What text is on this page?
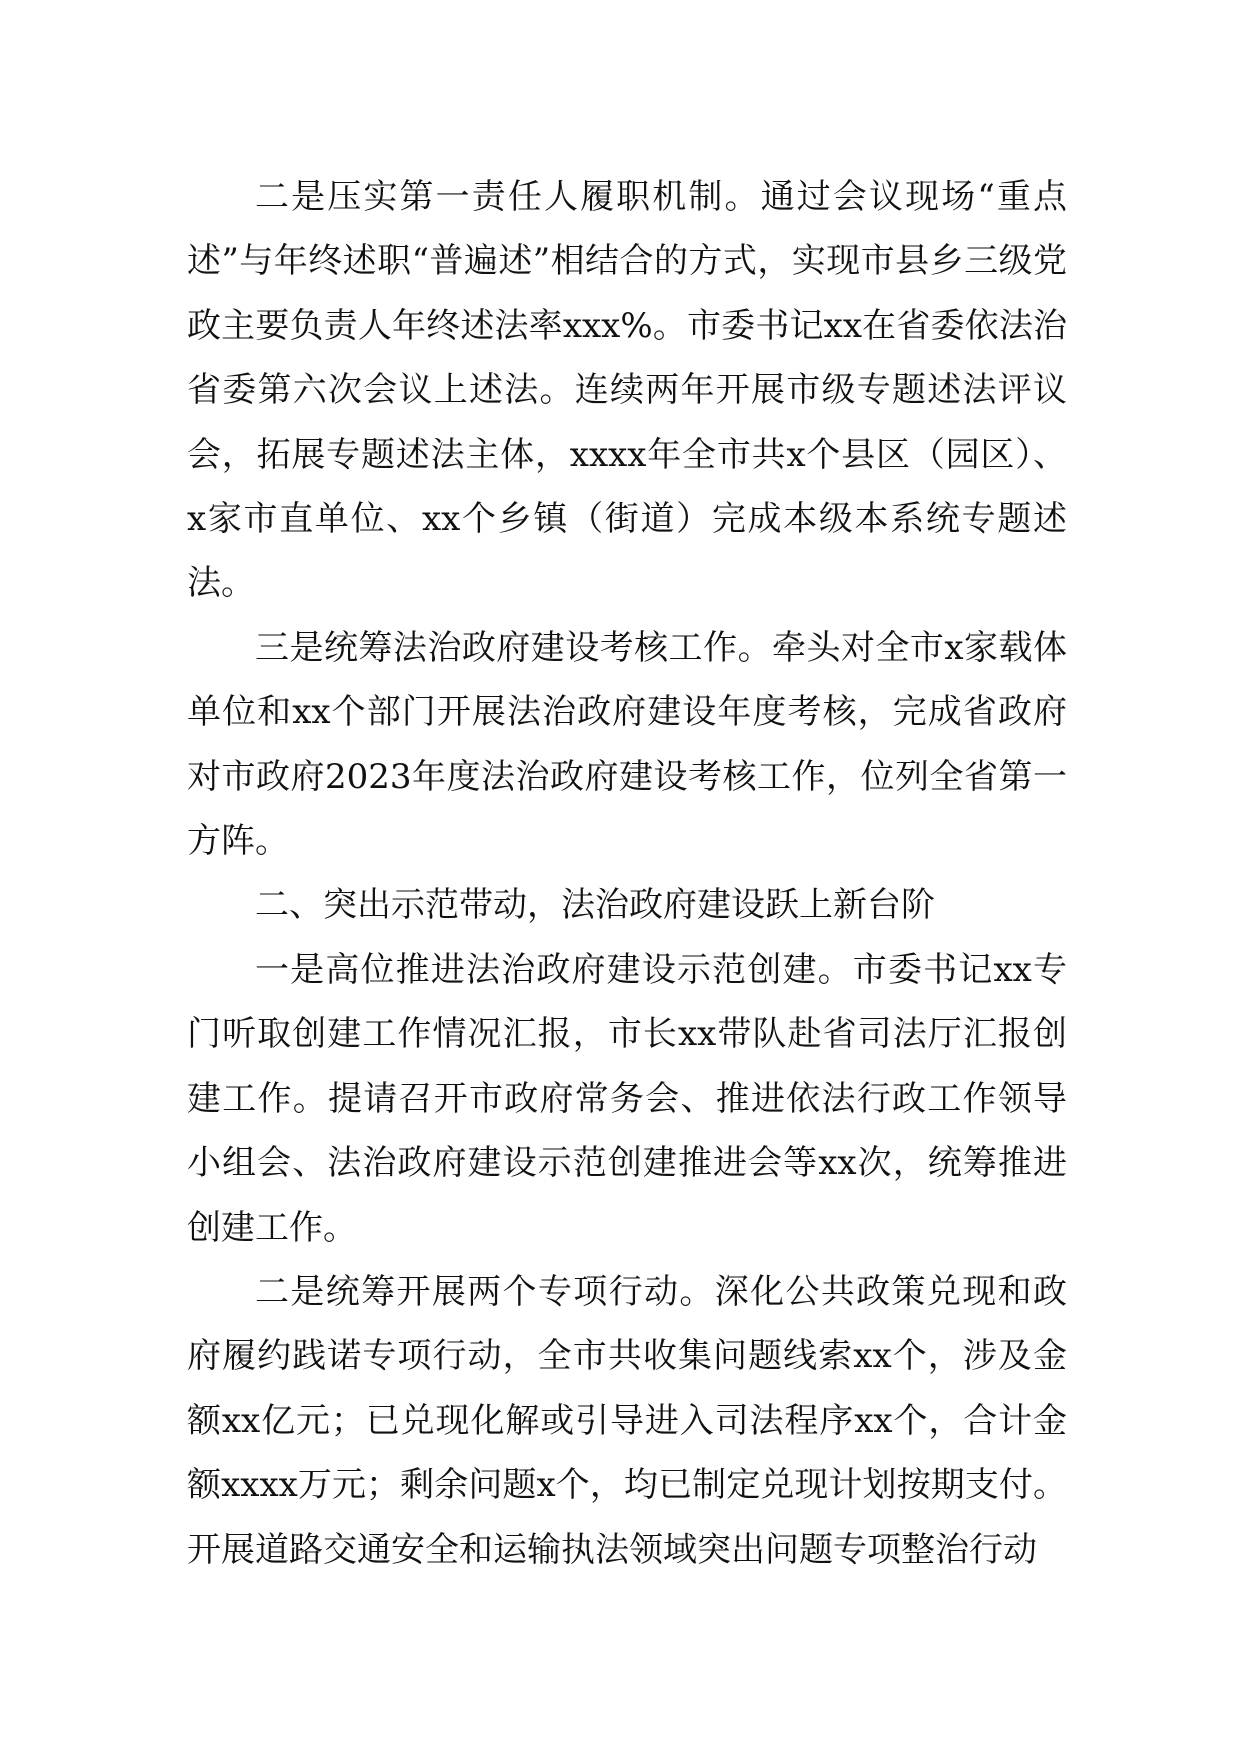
二是压实第一责任人履职机制。通过会议现场“重点述”与年终述职“普遍述”相结合的方式，实现市县乡三级党政主要负责人年终述法率xxx%。市委书记xx在省委依法治省委第六次会议上述法。连续两年开展市级专题述法评议会，拓展专题述法主体，xxxx年全市共x个县区（园区）、x家市直单位、xx个乡镇（街道）完成本级本系统专题述法。

三是统筹法治政府建设考核工作。牵头对全市x家载体单位和xx个部门开展法治政府建设年度考核，完成省政府对市政府2023年度法治政府建设考核工作，位列全省第一方阵。

二、突出示范带动，法治政府建设跃上新台阶

一是高位推进法治政府建设示范创建。市委书记xx专门听取创建工作情况汇报，市长xx带队赴省司法厅汇报创建工作。提请召开市政府常务会、推进依法行政工作领导小组会、法治政府建设示范创建推进会等xx次，统筹推进创建工作。

二是统筹开展两个专项行动。深化公共政策兑现和政府履约践诺专项行动，全市共收集问题线索xx个，涉及金额xx亿元；已兑现化解或引导进入司法程序xx个，合计金额xxxx万元；剩余问题x个，均已制定兑现计划按期支付。开展道路交通安全和运输执法领域突出问题专项整治行动
